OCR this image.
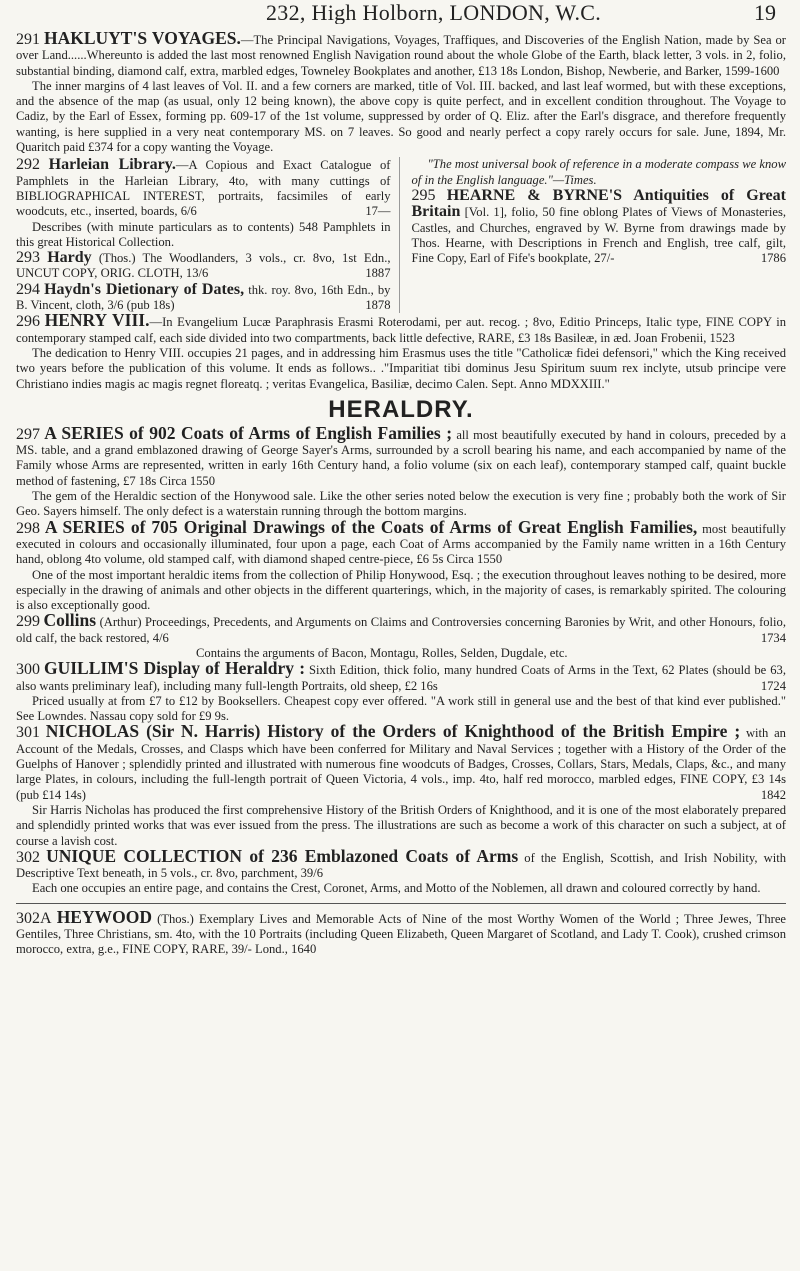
232, High Holborn, LONDON, W.C.	19

291 HAKLUYT'S VOYAGES.—The Principal Navigations, Voyages, Traffiques, and Discoveries of the English Nation, made by Sea or over Land......Whereunto is added the last most renowned English Navigation round about the whole Globe of the Earth, black letter, 3 vols. in 2, folio, substantial binding, diamond calf, extra, marbled edges, Towneley Bookplates and another, £13 18s London, Bishop, Newberie, and Barker, 1599-1600

The inner margins of 4 last leaves of Vol. II. and a few corners are marked, title of Vol. III. backed, and last leaf wormed, but with these exceptions, and the absence of the map (as usual, only 12 being known), the above copy is quite perfect, and in excellent condition throughout. The Voyage to Cadiz, by the Earl of Essex, forming pp. 609-17 of the 1st volume, suppressed by order of Q. Eliz. after the Earl's disgrace, and therefore frequently wanting, is here supplied in a very neat contemporary MS. on 7 leaves. So good and nearly perfect a copy rarely occurs for sale. June, 1894, Mr. Quaritch paid £374 for a copy wanting the Voyage.

292 Harleian Library.—A Copious and Exact Catalogue of Pamphlets in the Harleian Library, 4to, with many cuttings of BIBLIOGRAPHICAL INTEREST, portraits, facsimiles of early woodcuts, etc., inserted, boards, 6/6	17—

Describes (with minute particulars as to contents) 548 Pamphlets in this great Historical Collection.

293 Hardy (Thos.) The Woodlanders, 3 vols., cr. 8vo, 1st Edn., UNCUT COPY, ORIG. CLOTH, 13/6	1887

294 Haydn's Dietionary of Dates, thk. roy. 8vo, 16th Edn., by B. Vincent, cloth, 3/6 (pub 18s)	1878

"The most universal book of reference in a moderate compass we know of in the English language."—Times.

295 HEARNE & BYRNE'S Antiquities of Great Britain [Vol. 1], folio, 50 fine oblong Plates of Views of Monasteries, Castles, and Churches, engraved by W. Byrne from drawings made by Thos. Hearne, with Descriptions in French and English, tree calf, gilt, Fine Copy, Earl of Fife's bookplate, 27/-	1786

296 HENRY VIII.—In Evangelium Lucæ Paraphrasis Erasmi Roterodami, per aut. recog. ; 8vo, Editio Princeps, Italic type, FINE COPY in contemporary stamped calf, each side divided into two compartments, back little defective, RARE, £3 18s Basileæ, in æd. Joan Frobenii, 1523

The dedication to Henry VIII. occupies 21 pages, and in addressing him Erasmus uses the title "Catholicæ fidei defensori," which the King received two years before the publication of this volume. It ends as follows.. ."Imparitiat tibi dominus Jesu Spiritum suum rex inclyte, utsub principe vere Christiano indies magis ac magis regnet floreatq. ; veritas Evangelica, Basiliæ, decimo Calen. Sept. Anno MDXXIII."

HERALDRY.

297 A SERIES of 902 Coats of Arms of English Families ; all most beautifully executed by hand in colours, preceded by a MS. table, and a grand emblazoned drawing of George Sayer's Arms, surrounded by a scroll bearing his name, and each accompanied by name of the Family whose Arms are represented, written in early 16th Century hand, a folio volume (six on each leaf), contemporary stamped calf, quaint buckle method of fastening, £7 18s Circa 1550

The gem of the Heraldic section of the Honywood sale. Like the other series noted below the execution is very fine ; probably both the work of Sir Geo. Sayers himself. The only defect is a waterstain running through the bottom margins.

298 A SERIES of 705 Original Drawings of the Coats of Arms of Great English Families, most beautifully executed in colours and occasionally illuminated, four upon a page, each Coat of Arms accompanied by the Family name written in a 16th Century hand, oblong 4to volume, old stamped calf, with diamond shaped centre-piece, £6 5s Circa 1550

One of the most important heraldic items from the collection of Philip Honywood, Esq. ; the execution throughout leaves nothing to be desired, more especially in the drawing of animals and other objects in the different quarterings, which, in the majority of cases, is remarkably spirited. The colouring is also exceptionally good.

299 Collins (Arthur) Proceedings, Precedents, and Arguments on Claims and Controversies concerning Baronies by Writ, and other Honours, folio, old calf, the back restored, 4/6	1734

Contains the arguments of Bacon, Montagu, Rolles, Selden, Dugdale, etc.

300 GUILLIM'S Display of Heraldry : Sixth Edition, thick folio, many hundred Coats of Arms in the Text, 62 Plates (should be 63, also wants preliminary leaf), including many full-length Portraits, old sheep, £2 16s	1724

Priced usually at from £7 to £12 by Booksellers. Cheapest copy ever offered. "A work still in general use and the best of that kind ever published." See Lowndes. Nassau copy sold for £9 9s.

301 NICHOLAS (Sir N. Harris) History of the Orders of Knighthood of the British Empire ; with an Account of the Medals, Crosses, and Clasps which have been conferred for Military and Naval Services ; together with a History of the Order of the Guelphs of Hanover ; splendidly printed and illustrated with numerous fine woodcuts of Badges, Crosses, Collars, Stars, Medals, Claps, &c., and many large Plates, in colours, including the full-length portrait of Queen Victoria, 4 vols., imp. 4to, half red morocco, marbled edges, FINE COPY, £3 14s (pub £14 14s)	1842

Sir Harris Nicholas has produced the first comprehensive History of the British Orders of Knighthood, and it is one of the most elaborately prepared and splendidly printed works that was ever issued from the press. The illustrations are such as become a work of this character on such a subject, at of course a lavish cost.

302 UNIQUE COLLECTION of 236 Emblazoned Coats of Arms of the English, Scottish, and Irish Nobility, with Descriptive Text beneath, in 5 vols., cr. 8vo, parchment, 39/6

Each one occupies an entire page, and contains the Crest, Coronet, Arms, and Motto of the Noblemen, all drawn and coloured correctly by hand.

302A HEYWOOD (Thos.) Exemplary Lives and Memorable Acts of Nine of the most Worthy Women of the World ; Three Jewes, Three Gentiles, Three Christians, sm. 4to, with the 10 Portraits (including Queen Elizabeth, Queen Margaret of Scotland, and Lady T. Cook), crushed crimson morocco, extra, g.e., FINE COPY, RARE, 39/- Lond., 1640
